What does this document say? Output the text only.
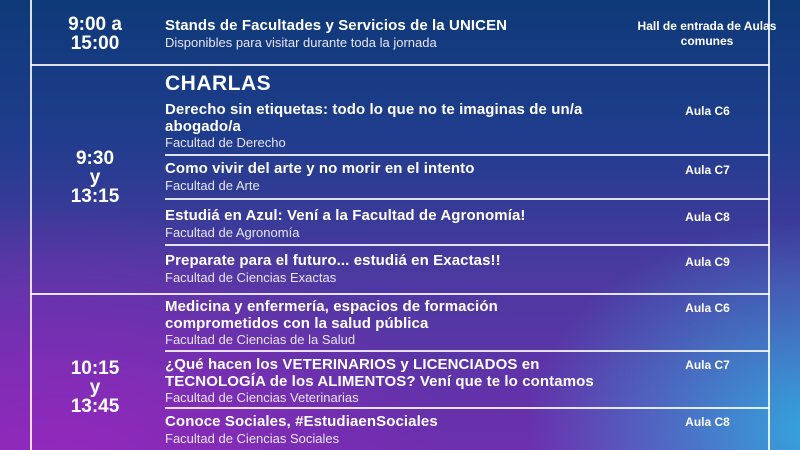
9:00 a 15:00
Stands de Facultades y Servicios de la UNICEN
Disponibles para visitar durante toda la jornada
Hall de entrada de Aulas comunes
CHARLAS
9:30
y
13:15
Derecho sin etiquetas: todo lo que no te imaginas de un/a abogado/a
Facultad de Derecho
Aula C6
Como vivir del arte y no morir en el intento
Facultad de Arte
Aula C7
Estudiá en Azul: Vení a la Facultad de Agronomía!
Facultad de Agronomía
Aula C8
Preparate para el futuro... estudiá en Exactas!!
Facultad de Ciencias Exactas
Aula C9
10:15
y
13:45
Medicina y enfermería, espacios de formación comprometidos con la salud pública
Facultad de Ciencias de la Salud
Aula C6
¿Qué hacen los VETERINARIOS y LICENCIADOS en TECNOLOGÍA de los ALIMENTOS? Vení que te lo contamos
Facultad de Ciencias Veterinarias
Aula C7
Conoce Sociales, #EstudiaenSociales
Facultad de Ciencias Sociales
Aula C8
